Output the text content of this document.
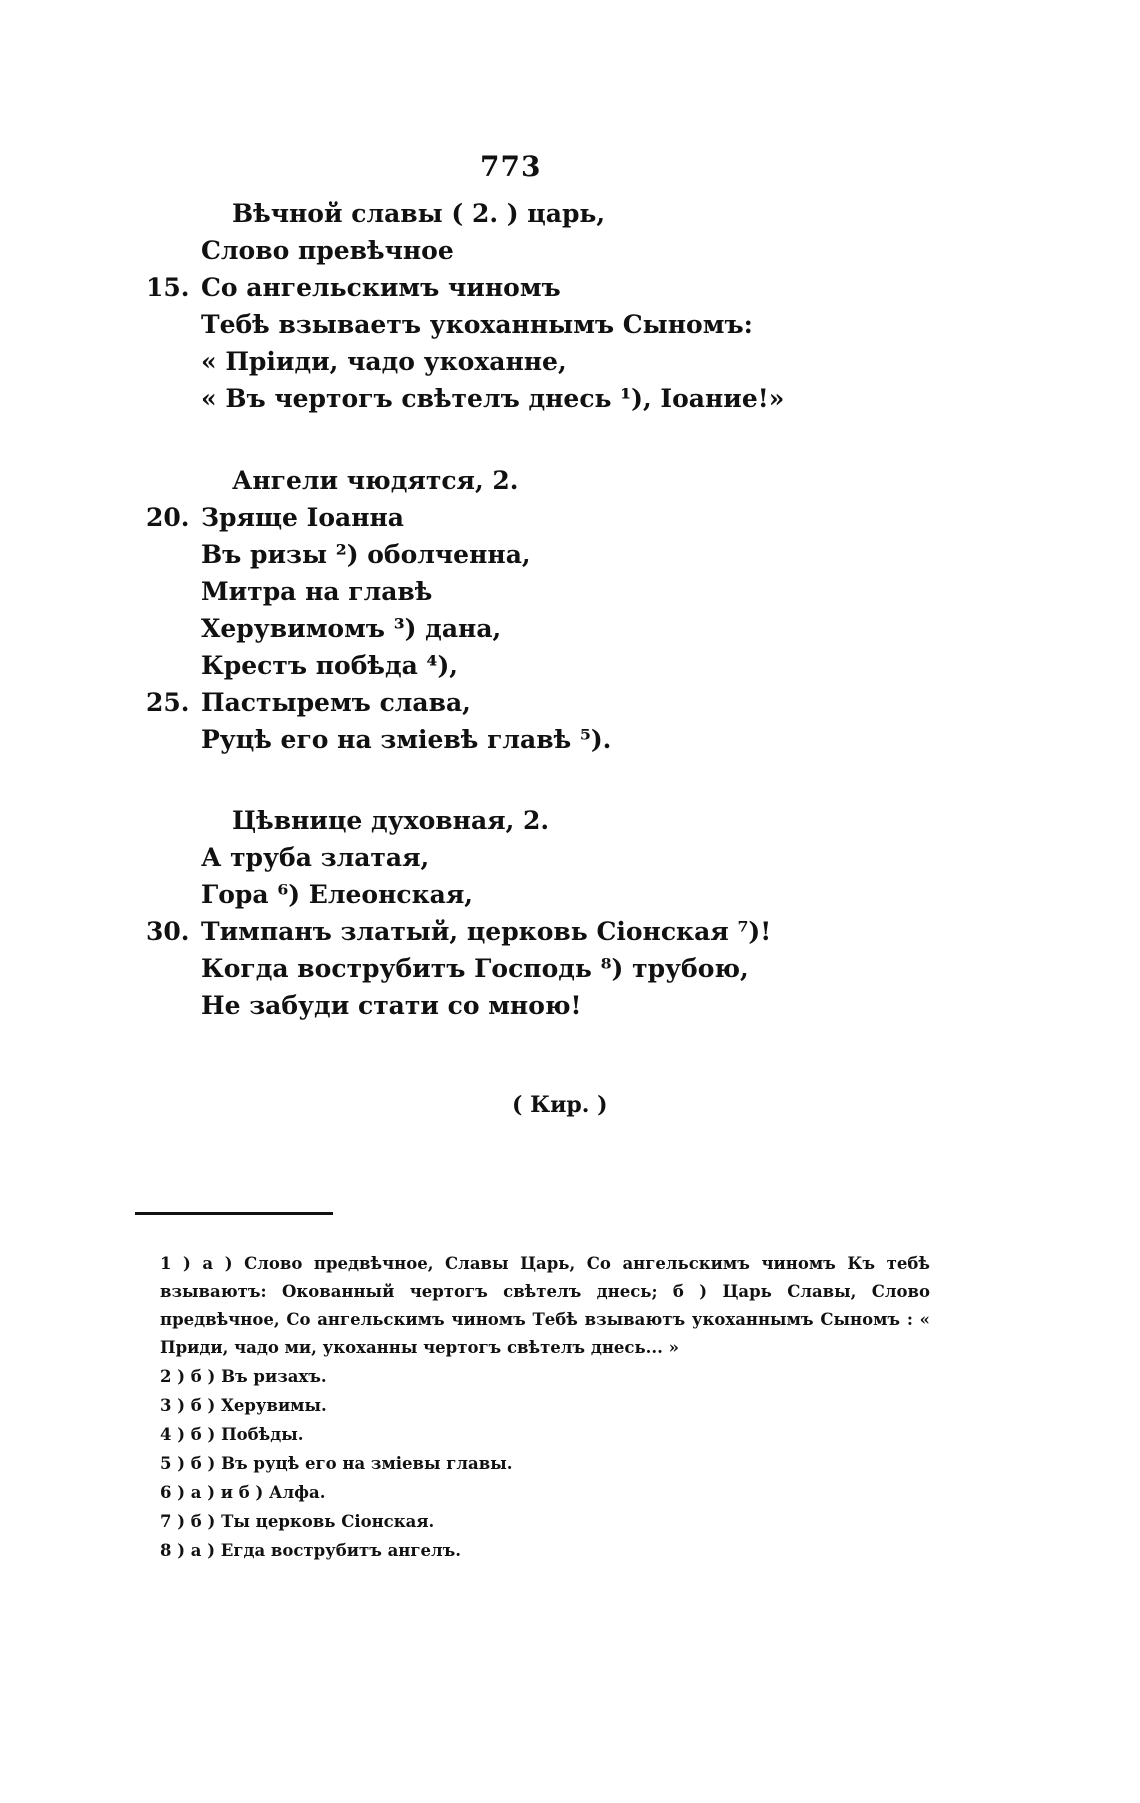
773
Вѣчной славы ( 2. ) царь,
Слово превѣчное
15. Со ангельскимъ чиномъ
Тебѣ взываетъ укоханнымъ Сыномъ:
« Пріиди, чадо укоханне,
« Въ чертогъ свѣтелъ днесь ¹), Іоание!»
Ангели чюдятся, 2.
20. Зряще Іоанна
Въ ризы ²) оболченна,
Митра на главѣ
Херувимомъ ³) дана,
Крестъ побѣда ⁴),
25. Пастыремъ слава,
Руцѣ его на змiевѣ главѣ ⁵).
Цѣвнице духовная, 2.
А труба златая,
Гора ⁶) Елеонская,
30. Тимпанъ златый, церковь Сіонская ⁷)!
Когда вострубитъ Господь ⁸) трубою,
Не забуди стати со мною!
( Кир. )
1 ) а ) Слово предвѣчное, Славы Царь, Со ангельскимъ чиномъ Къ тебѣ взываютъ: Окованный чертогъ свѣтелъ днесь; б ) Царь Славы, Слово предвѣчное, Со ангельскимъ чиномъ Тебѣ взываютъ укоханнымъ Сыномъ : « Приди, чадо ми, укоханны чертогъ свѣтелъ днесь... »
2 ) б ) Въ ризахъ.
3 ) б ) Херувимы.
4 ) б ) Побѣды.
5 ) б ) Въ руцѣ его на змiевы главы.
6 ) а ) и б ) Алфа.
7 ) б ) Ты церковь Сіонская.
8 ) а ) Егда вострубитъ ангелъ.
